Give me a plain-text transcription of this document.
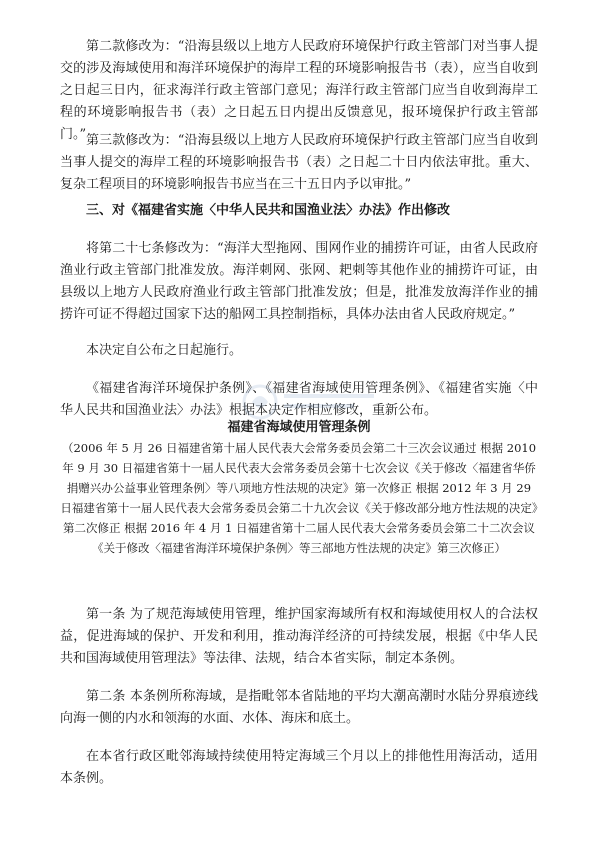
第二款修改为：“沿海县级以上地方人民政府环境保护行政主管部门对当事人提交的涉及海域使用和海洋环境保护的海岸工程的环境影响报告书（表），应当自收到之日起三日内，征求海洋行政主管部门意见；海洋行政主管部门应当自收到海岸工程的环境影响报告书（表）之日起五日内提出反馈意见，报环境保护行政主管部门。” 第三款修改为：“沿海县级以上地方人民政府环境保护行政主管部门应当自收到当事人提交的海岸工程的环境影响报告书（表）之日起二十日内依法审批。重大、复杂工程项目的环境影响报告书应当在三十五日内予以审批。”

三、对《福建省实施〈中华人民共和国渔业法〉办法》作出修改

将第二十七条修改为：“海洋大型拖网、围网作业的捕捞许可证，由省人民政府渔业行政主管部门批准发放。海洋刺网、张网、耙刺等其他作业的捕捞许可证，由县级以上地方人民政府渔业行政主管部门批准发放；但是，批准发放海洋作业的捕捞许可证不得超过国家下达的船网工具控制指标，具体办法由省人民政府规定。”

本决定自公布之日起施行。

《福建省海洋环境保护条例》、《福建省海域使用管理条例》、《福建省实施〈中华人民共和国渔业法〉办法》根据本决定作相应修改，重新公布。

福建省海域使用管理条例

（2006 年 5 月 26 日福建省第十届人民代表大会常务委员会第二十三次会议通过 根据 2010 年 9 月 30 日福建省第十一届人民代表大会常务委员会第十七次会议《关于修改〈福建省华侨捐赠兴办公益事业管理条例〉等八项地方性法规的决定》第一次修正 根据 2012 年 3 月 29 日福建省第十一届人民代表大会常务委员会第二十九次会议《关于修改部分地方性法规的决定》第二次修正 根据 2016 年 4 月 1 日福建省第十二届人民代表大会常务委员会第二十二次会议《关于修改〈福建省海洋环境保护条例〉等三部地方性法规的决定》第三次修正）

第一条 为了规范海域使用管理，维护国家海域所有权和海域使用权人的合法权益，促进海域的保护、开发和利用，推动海洋经济的可持续发展，根据《中华人民共和国海域使用管理法》等法律、法规，结合本省实际，制定本条例。

第二条 本条例所称海域，是指毗邻本省陆地的平均大潮高潮时水陆分界痕迹线向海一侧的内水和领海的水面、水体、海床和底土。

在本省行政区毗邻海域持续使用特定海域三个月以上的排他性用海活动，适用本条例。
